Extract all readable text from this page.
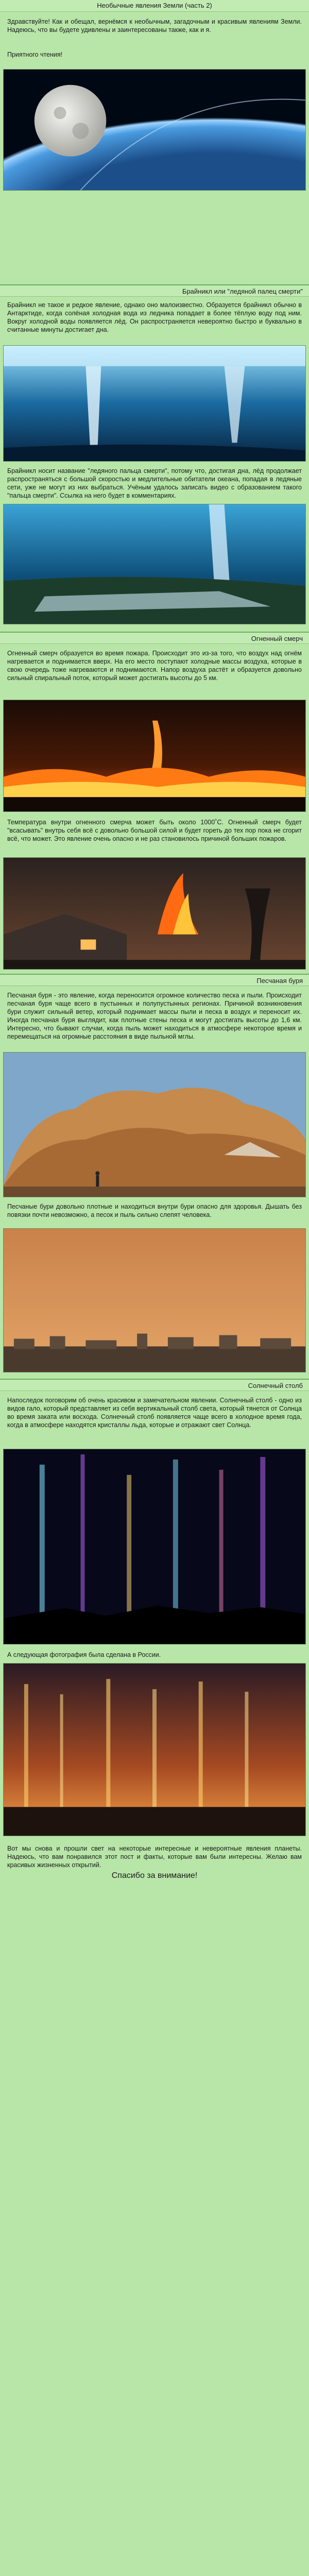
Необычные явления Земли (часть 2)
Здравствуйте! Как и обещал, вернёмся к необычным, загадочным и красивым явлениям Земли. Надеюсь, что вы будете удивлены и заинтересованы также, как и я.
Приятного чтения!
Брайникл или "ледяной палец смерти"
Брайникл не такое и редкое явление, однако оно малоизвестно. Образуется брайникл обычно в Антарктиде, когда солёная холодная вода из ледника попадает в более тёплую воду под ним. Вокруг холодной воды появляется лёд. Он распространяется невероятно быстро и буквально в считанные минуты достигает дна.
Брайникл носит название "ледяного пальца смерти", потому что, достигая дна, лёд продолжает распространяться с большой скоростью и медлительные обитатели океана, попадая в ледяные сети, уже не могут из них выбраться. Учёным удалось записать видео с образованием такого "пальца смерти". Ссылка на него будет в комментариях.
Огненный смерч
Огненный смерч образуется во время пожара. Происходит это из-за того, что воздух над огнём нагревается и поднимается вверх. На его место поступают холодные массы воздуха, которые в свою очередь тоже нагреваются и поднимаются. Напор воздуха растёт и образуется довольно сильный спиральный поток, который может достигать высоты до 5 км.
Температура внутри огненного смерча может быть около 1000˚С. Огненный смерч будет "всасывать" внутрь себя всё с довольно большой силой и будет гореть до тех пор пока не сгорит всё, что может. Это явление очень опасно и не раз становилось причиной больших пожаров.
Песчаная буря
Песчаная буря - это явление, когда переносится огромное количество песка и пыли. Происходит песчаная буря чаще всего в пустынных и полупустынных регионах. Причиной возникновения бури служит сильный ветер, который поднимает массы пыли и песка в воздух и переносит их. Иногда песчаная буря выглядит, как плотные стены песка и могут достигать высоты до 1,6 км. Интересно, что бывают случаи, когда пыль может находиться в атмосфере некоторое время и перемещаться на огромные расстояния в виде пыльной мглы.
Песчаные бури довольно плотные и находиться внутри бури опасно для здоровья. Дышать без повязки почти невозможно, а песок и пыль сильно слепят человека.
Солнечный столб
Напоследок поговорим об очень красивом и замечательном явлении. Солнечный столб - одно из видов гало, который представляет из себя вертикальный столб света, который тянется от Солнца во время заката или восхода. Солнечный столб появляется чаще всего в холодное время года, когда в атмосфере находятся кристаллы льда, которые и отражают свет Солнца.
А следующая фотография была сделана в России.
Вот мы снова и прошли свет на некоторые интересные и невероятные явления планеты. Надеюсь, что вам понравился этот пост и факты, которые вам были интересны. Желаю вам красивых жизненных открытий.
Спасибо за внимание!
